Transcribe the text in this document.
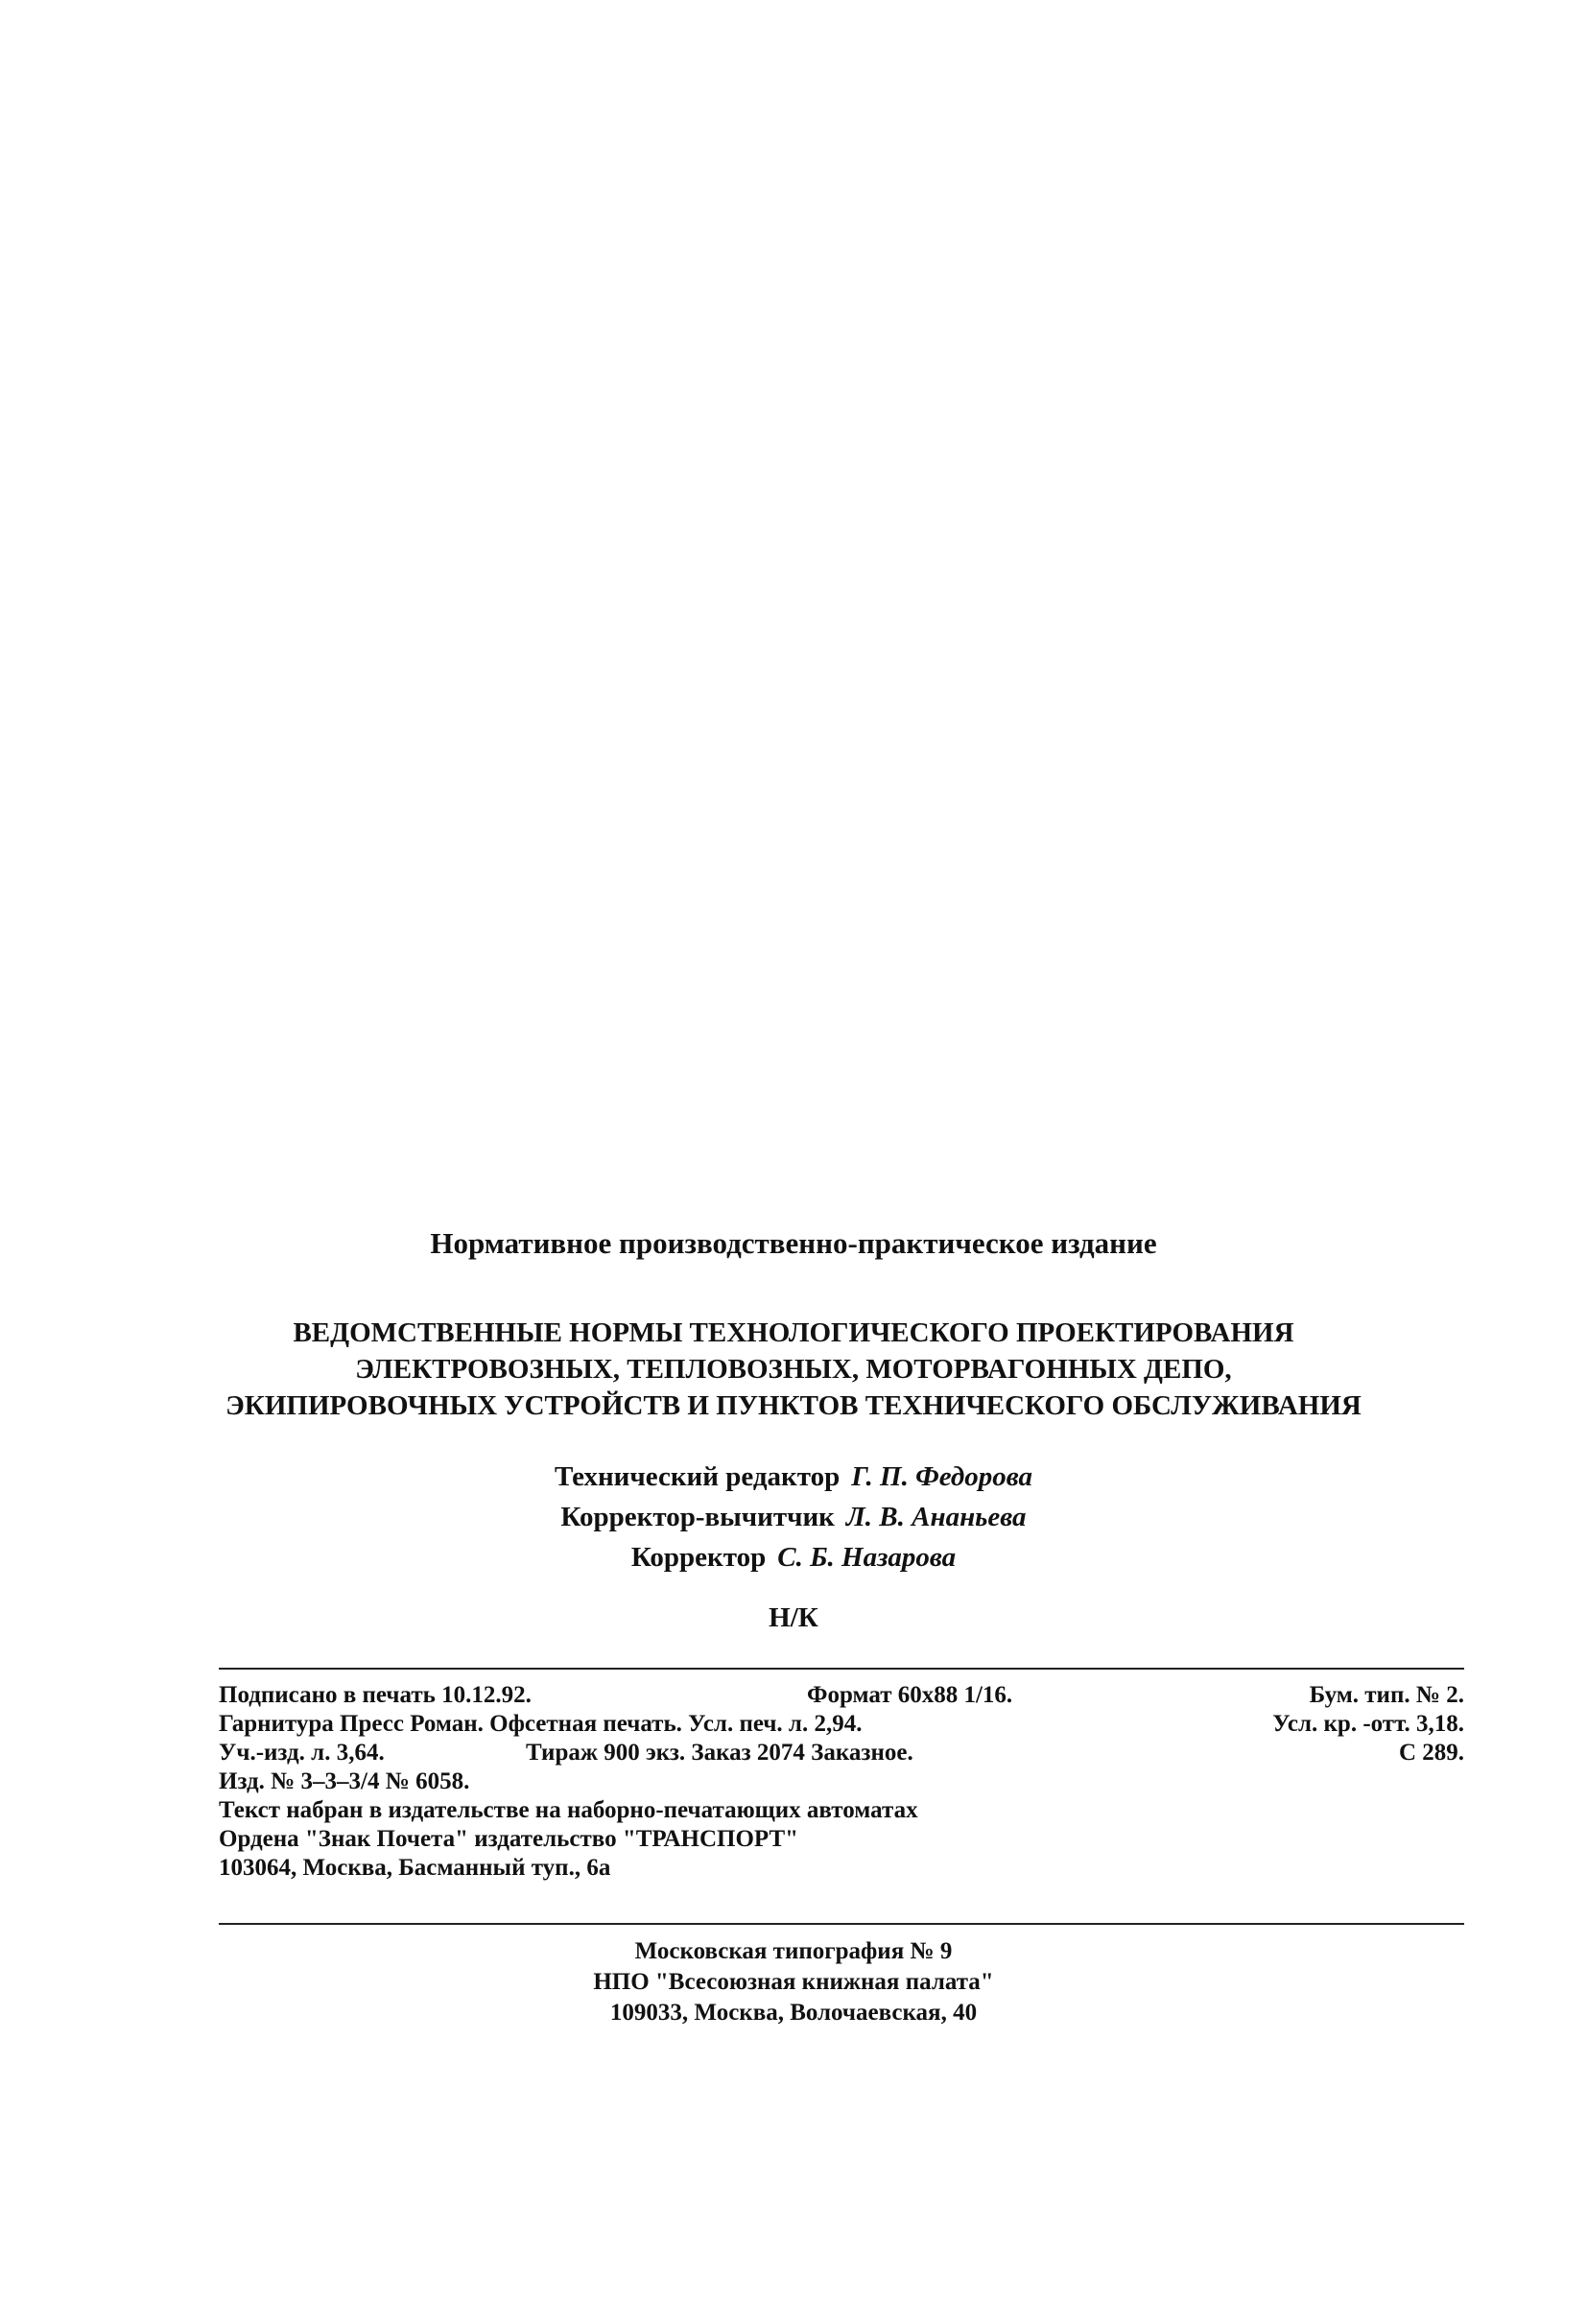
Нормативное производственно-практическое издание
ВЕДОМСТВЕННЫЕ НОРМЫ ТЕХНОЛОГИЧЕСКОГО ПРОЕКТИРОВАНИЯ
ЭЛЕКТРОВОЗНЫХ, ТЕПЛОВОЗНЫХ, МОТОРВАГОННЫХ ДЕПО,
ЭКИПИРОВОЧНЫХ УСТРОЙСТВ И ПУНКТОВ ТЕХНИЧЕСКОГО ОБСЛУЖИВАНИЯ
Технический редактор Г. П. Федорова
Корректор-вычитчик Л. В. Ананьева
Корректор С. Б. Назарова
Н/К
Подписано в печать 10.12.92.	Формат 60x88 1/16.	Бум. тип. № 2.
Гарнитура Пресс Роман. Офсетная печать. Усл. печ. л. 2,94.	Усл. кр. -отт. 3,18.
Уч.-изд. л. 3,64.	Тираж 900 экз. Заказ 2074 Заказное.	С 289.
Изд. № 3–3–3/4 № 6058.
Текст набран в издательстве на наборно-печатающих автоматах
Ордена "Знак Почета" издательство "ТРАНСПОРТ"
103064, Москва, Басманный туп., 6а
Московская типография № 9
НПО "Всесоюзная книжная палата"
109033, Москва, Волочаевская, 40
